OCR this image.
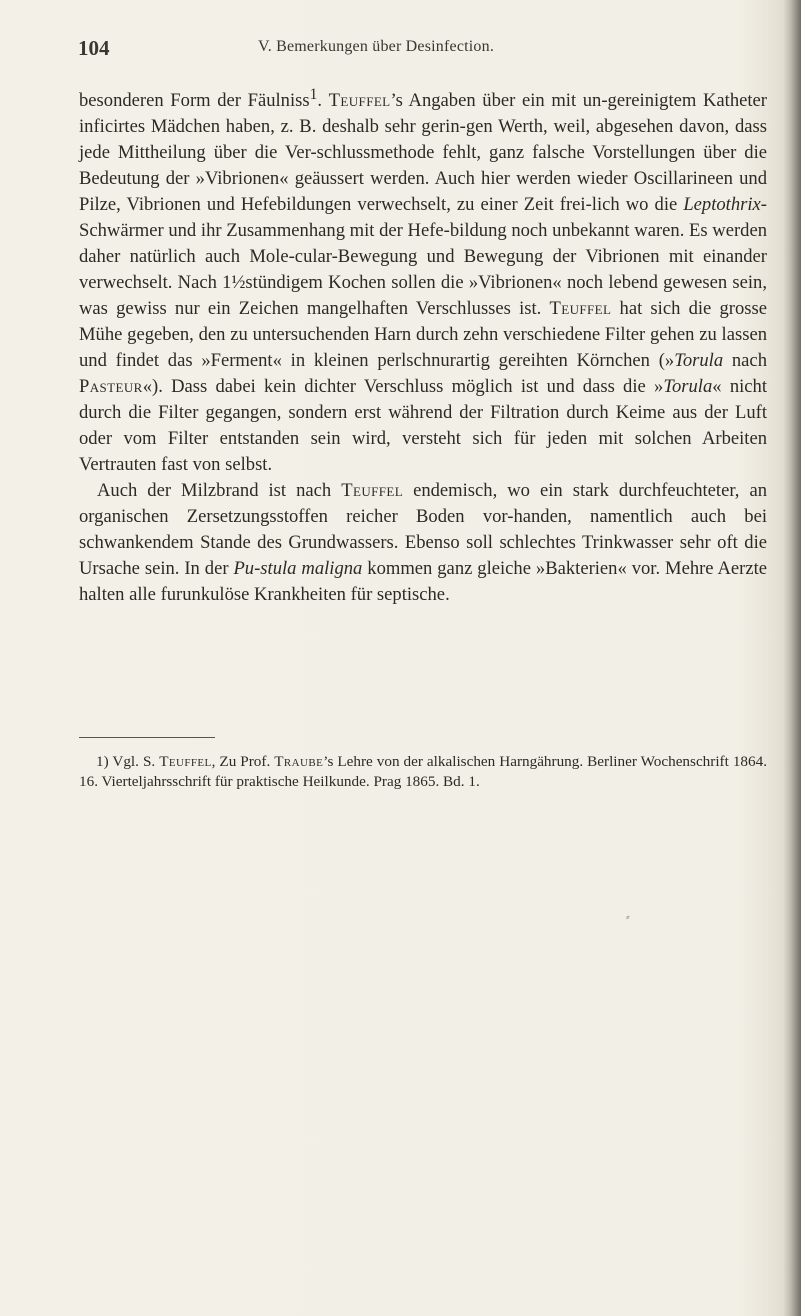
104	V. Bemerkungen über Desinfection.

besonderen Form der Fäulniss$^1$. Teuffel’s Angaben über ein mit un-gereinigtem Katheter inficirtes Mädchen haben, z. B. deshalb sehr gerin-gen Werth, weil, abgesehen davon, dass jede Mittheilung über die Ver-schlussmethode fehlt, ganz falsche Vorstellungen über die Bedeutung der »Vibrionen« geäussert werden. Auch hier werden wieder Oscillarineen und Pilze, Vibrionen und Hefebildungen verwechselt, zu einer Zeit frei-lich wo die Leptothrix-Schwärmer und ihr Zusammenhang mit der Hefe-bildung noch unbekannt waren. Es werden daher natürlich auch Mole-cular-Bewegung und Bewegung der Vibrionen mit einander verwechselt. Nach 1½stündigem Kochen sollen die »Vibrionen« noch lebend gewesen sein, was gewiss nur ein Zeichen mangelhaften Verschlusses ist. Teuffel hat sich die grosse Mühe gegeben, den zu untersuchenden Harn durch zehn verschiedene Filter gehen zu lassen und findet das »Ferment« in kleinen perlschnurartig gereihten Körnchen (»Torula nach Pasteur«). Dass dabei kein dichter Verschluss möglich ist und dass die »Torula« nicht durch die Filter gegangen, sondern erst während der Filtration durch Keime aus der Luft oder vom Filter entstanden sein wird, versteht sich für jeden mit solchen Arbeiten Vertrauten fast von selbst.

Auch der Milzbrand ist nach Teuffel endemisch, wo ein stark durchfeuchteter, an organischen Zersetzungsstoffen reicher Boden vor-handen, namentlich auch bei schwankendem Stande des Grundwassers. Ebenso soll schlechtes Trinkwasser sehr oft die Ursache sein. In der Pu-stula maligna kommen ganz gleiche »Bakterien« vor. Mehre Aerzte halten alle furunkulöse Krankheiten für septische.

1) Vgl. S. Teuffel, Zu Prof. Traube’s Lehre von der alkalischen Harngährung. Berliner Wochenschrift 1864. 16. Vierteljahrsschrift für praktische Heilkunde. Prag 1865. Bd. 1.

⸗
